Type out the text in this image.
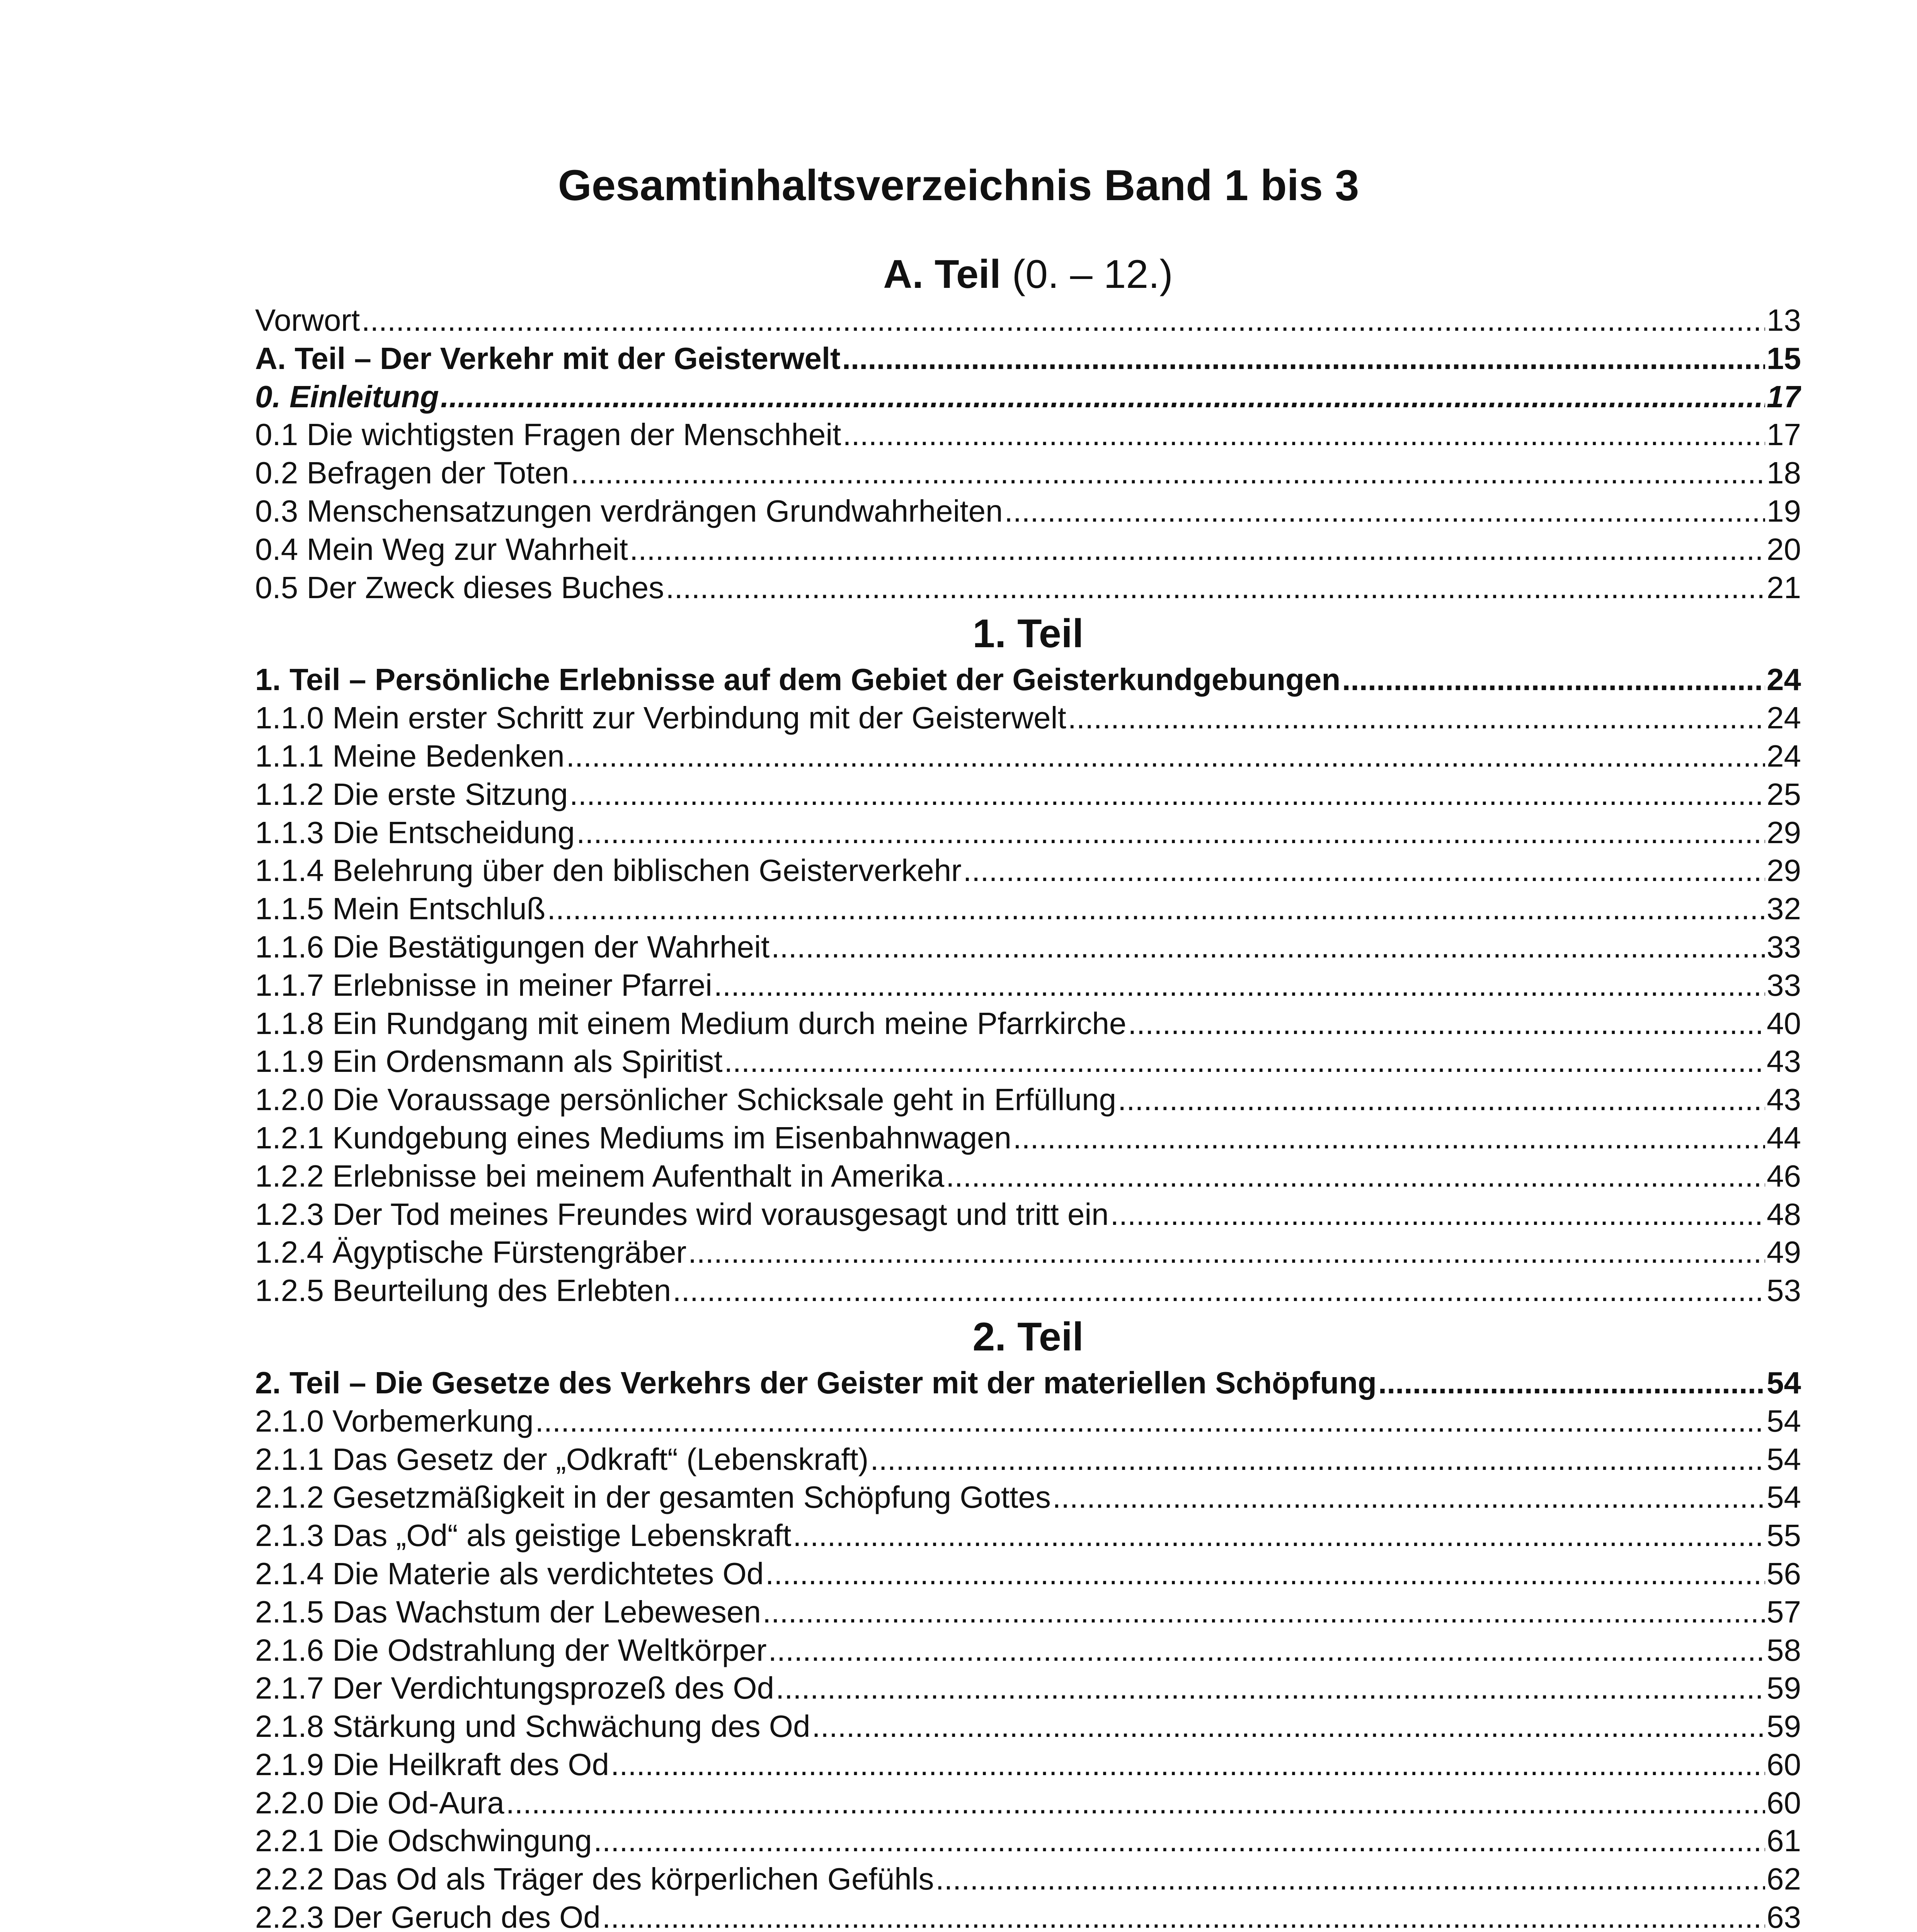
Gesamtinhaltsverzeichnis Band 1 bis 3
A. Teil (0. – 12.)
Vorwort .....	13
A. Teil – Der Verkehr mit der Geisterwelt .....	15
0. Einleitung .....	17
0.1 Die wichtigsten Fragen der Menschheit .....	17
0.2 Befragen der Toten .....	18
0.3 Menschensatzungen verdrängen Grundwahrheiten .....	19
0.4 Mein Weg zur Wahrheit .....	20
0.5 Der Zweck dieses Buches .....	21
1. Teil
1. Teil – Persönliche Erlebnisse auf dem Gebiet der Geisterkundgebungen .....	24
1.1.0 Mein erster Schritt zur Verbindung mit der Geisterwelt .....	24
1.1.1 Meine Bedenken .....	24
1.1.2 Die erste Sitzung .....	25
1.1.3 Die Entscheidung .....	29
1.1.4 Belehrung über den biblischen Geisterverkehr .....	29
1.1.5 Mein Entschluß .....	32
1.1.6 Die Bestätigungen der Wahrheit .....	33
1.1.7 Erlebnisse in meiner Pfarrei .....	33
1.1.8 Ein Rundgang mit einem Medium durch meine Pfarrkirche .....	40
1.1.9 Ein Ordensmann als Spiritist .....	43
1.2.0 Die Voraussage persönlicher Schicksale geht in Erfüllung .....	43
1.2.1 Kundgebung eines Mediums im Eisenbahnwagen .....	44
1.2.2 Erlebnisse bei meinem Aufenthalt in Amerika .....	46
1.2.3 Der Tod meines Freundes wird vorausgesagt und tritt ein .....	48
1.2.4 Ägyptische Fürstengräber .....	49
1.2.5 Beurteilung des Erlebten .....	53
2. Teil
2. Teil – Die Gesetze des Verkehrs der Geister mit der materiellen Schöpfung .....	54
2.1.0 Vorbemerkung .....	54
2.1.1 Das Gesetz der „Odkraft“ (Lebenskraft) .....	54
2.1.2 Gesetzmäßigkeit in der gesamten Schöpfung Gottes .....	54
2.1.3 Das „Od“ als geistige Lebenskraft .....	55
2.1.4 Die Materie als verdichtetes Od .....	56
2.1.5 Das Wachstum der Lebewesen .....	57
2.1.6 Die Odstrahlung der Weltkörper .....	58
2.1.7 Der Verdichtungsprozeß des Od .....	59
2.1.8 Stärkung und Schwächung des Od .....	59
2.1.9 Die Heilkraft des Od .....	60
2.2.0 Die Od-Aura .....	60
2.2.1 Die Odschwingung .....	61
2.2.2 Das Od als Träger des körperlichen Gefühls .....	62
2.2.3 Der Geruch des Od .....	63
